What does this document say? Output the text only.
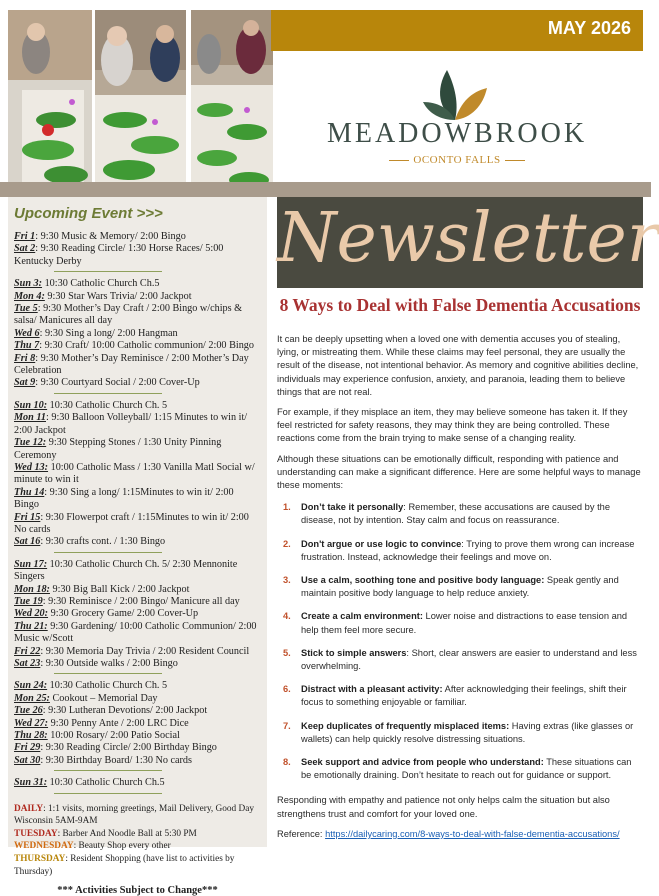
MAY 2026
MEADOWBROOK
OCONTO FALLS
Upcoming Event >>>
Fri 1: 9:30 Music & Memory/ 2:00 Bingo
Sat 2: 9:30 Reading Circle/ 1:30 Horse Races/ 5:00 Kentucky Derby
Sun 3: 10:30 Catholic Church Ch.5
Mon 4: 9:30 Star Wars Trivia/ 2:00 Jackpot
Tue 5: 9:30 Mother’s Day Craft / 2:00 Bingo w/chips & salsa/ Manicures all day
Wed 6: 9:30 Sing a long/ 2:00 Hangman
Thu 7: 9:30 Craft/ 10:00 Catholic communion/ 2:00 Bingo
Fri 8: 9:30 Mother’s Day Reminisce / 2:00 Mother’s Day Celebration
Sat 9: 9:30 Courtyard Social / 2:00 Cover-Up
Sun 10: 10:30 Catholic Church Ch. 5
Mon 11: 9:30 Balloon Volleyball/ 1:15 Minutes to win it/ 2:00 Jackpot
Tue 12: 9:30 Stepping Stones / 1:30 Unity Pinning Ceremony
Wed 13: 10:00 Catholic Mass / 1:30 Vanilla Matl Social w/ minute to win it
Thu 14: 9:30 Sing a long/ 1:15Minutes to win it/ 2:00 Bingo
Fri 15: 9:30 Flowerpot craft / 1:15Minutes to win it/ 2:00 No cards
Sat 16: 9:30 crafts cont. / 1:30 Bingo
Sun 17: 10:30 Catholic Church Ch. 5/ 2:30 Mennonite Singers
Mon 18: 9:30 Big Ball Kick / 2:00 Jackpot
Tue 19: 9:30 Reminisce / 2:00 Bingo/ Manicure all day
Wed 20: 9:30 Grocery Game/ 2:00 Cover-Up
Thu 21: 9:30 Gardening/ 10:00 Catholic Communion/ 2:00 Music w/Scott
Fri 22: 9:30 Memoria Day Trivia / 2:00 Resident Council
Sat 23: 9:30 Outside walks / 2:00 Bingo
Sun 24: 10:30 Catholic Church Ch. 5
Mon 25: Cookout – Memorial Day
Tue 26: 9:30 Lutheran Devotions/ 2:00 Jackpot
Wed 27: 9:30 Penny Ante / 2:00 LRC Dice
Thu 28: 10:00 Rosary/ 2:00 Patio Social
Fri 29: 9:30 Reading Circle/ 2:00 Birthday Bingo
Sat 30: 9:30 Birthday Board/ 1:30 No cards
Sun 31: 10:30 Catholic Church Ch.5
DAILY: 1:1 visits, morning greetings, Mail Delivery, Good Day Wisconsin 5AM-9AM
TUESDAY: Barber And Noodle Ball at 5:30 PM
WEDNESDAY: Beauty Shop every other
THURSDAY: Resident Shopping (have list to activities by Thursday)
*** Activities Subject to Change***
Newsletter
8 Ways to Deal with False Dementia Accusations

It can be deeply upsetting when a loved one with dementia accuses you of stealing, lying, or mistreating them. While these claims may feel personal, they are usually the result of the disease, not intentional behavior. As memory and cognitive abilities decline, individuals may experience confusion, anxiety, and paranoia, leading them to believe things that are not real.

For example, if they misplace an item, they may believe someone has taken it. If they feel restricted for safety reasons, they may think they are being controlled. These reactions come from the brain trying to make sense of a changing reality.

Although these situations can be emotionally difficult, responding with patience and understanding can make a significant difference. Here are some helpful ways to manage these moments:

1. Don’t take it personally: Remember, these accusations are caused by the disease, not by intention. Stay calm and focus on reassurance.
2. Don't argue or use logic to convince: Trying to prove them wrong can increase frustration. Instead, acknowledge their feelings and move on.
3. Use a calm, soothing tone and positive body language: Speak gently and maintain positive body language to help reduce anxiety.
4. Create a calm environment: Lower noise and distractions to ease tension and help them feel more secure.
5. Stick to simple answers: Short, clear answers are easier to understand and less overwhelming.
6. Distract with a pleasant activity: After acknowledging their feelings, shift their focus to something enjoyable or familiar.
7. Keep duplicates of frequently misplaced items: Having extras (like glasses or wallets) can help quickly resolve distressing situations.
8. Seek support and advice from people who understand: These situations can be emotionally draining. Don’t hesitate to reach out for guidance or support.

Responding with empathy and patience not only helps calm the situation but also strengthens trust and comfort for your loved one.

Reference: https://dailycaring.com/8-ways-to-deal-with-false-dementia-accusations/
